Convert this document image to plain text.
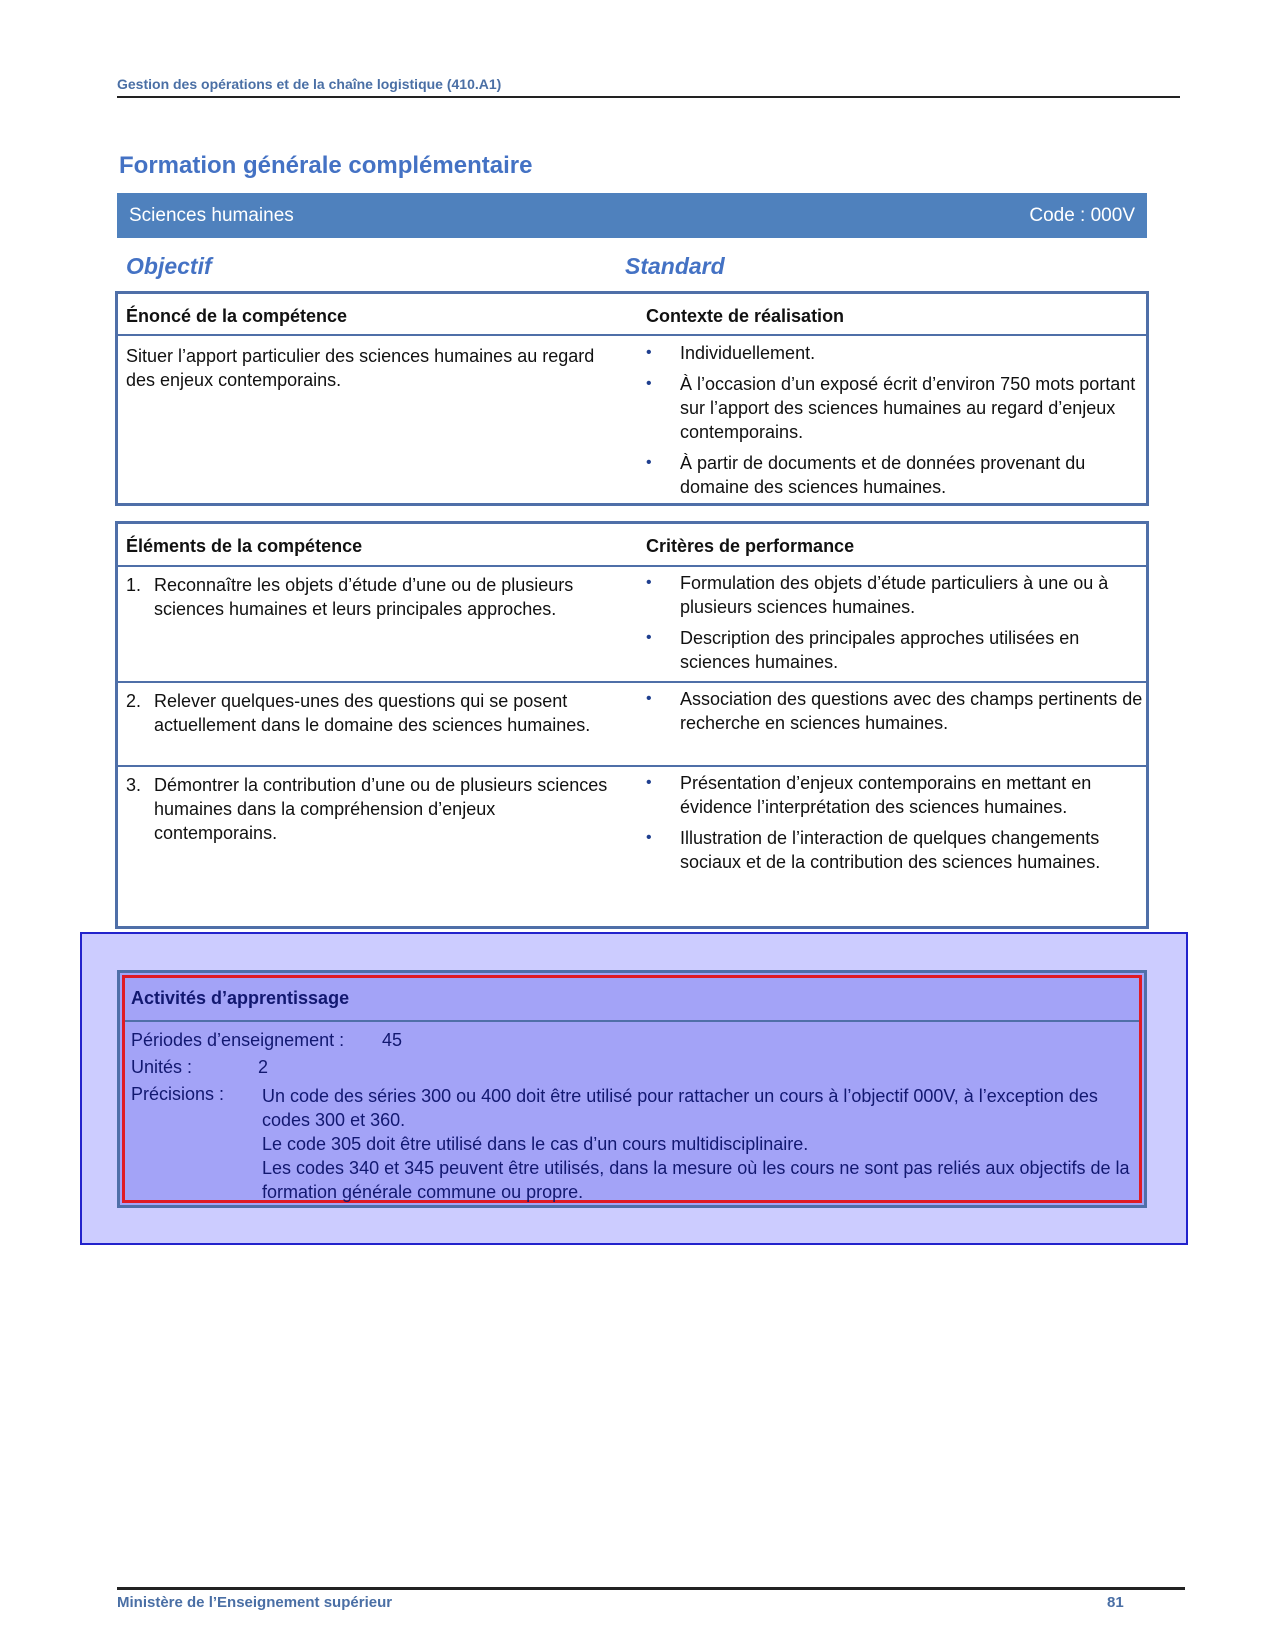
Gestion des opérations et de la chaîne logistique (410.A1)
Formation générale complémentaire
Sciences humaines	Code : 000V
Objectif	Standard
Énoncé de la compétence	Contexte de réalisation
Situer l’apport particulier des sciences humaines au regard des enjeux contemporains.
• Individuellement.
• À l’occasion d’un exposé écrit d’environ 750 mots portant sur l’apport des sciences humaines au regard d’enjeux contemporains.
• À partir de documents et de données provenant du domaine des sciences humaines.
Éléments de la compétence	Critères de performance
1. Reconnaître les objets d’étude d’une ou de plusieurs sciences humaines et leurs principales approches.
• Formulation des objets d’étude particuliers à une ou à plusieurs sciences humaines.
• Description des principales approches utilisées en sciences humaines.
2. Relever quelques-unes des questions qui se posent actuellement dans le domaine des sciences humaines.
• Association des questions avec des champs pertinents de recherche en sciences humaines.
3. Démontrer la contribution d’une ou de plusieurs sciences humaines dans la compréhension d’enjeux contemporains.
• Présentation d’enjeux contemporains en mettant en évidence l’interprétation des sciences humaines.
• Illustration de l’interaction de quelques changements sociaux et de la contribution des sciences humaines.
Activités d’apprentissage
Périodes d’enseignement : 45
Unités :	2
Précisions : Un code des séries 300 ou 400 doit être utilisé pour rattacher un cours à l’objectif 000V, à l’exception des codes 300 et 360.

Le code 305 doit être utilisé dans le cas d’un cours multidisciplinaire.

Les codes 340 et 345 peuvent être utilisés, dans la mesure où les cours ne sont pas reliés aux objectifs de la formation générale commune ou propre.

Ministère de l’Enseignement supérieur	81
